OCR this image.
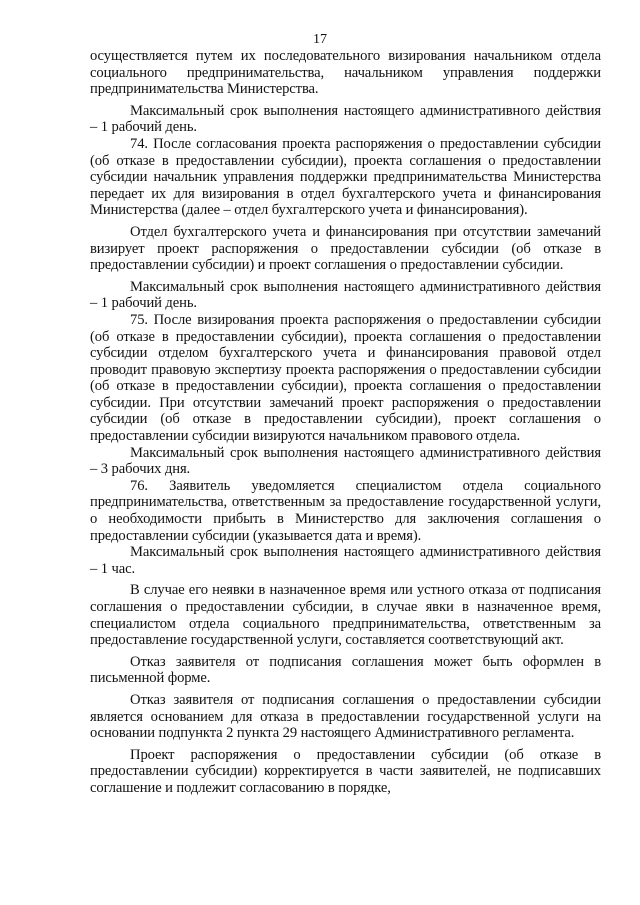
17

осуществляется путем их последовательного визирования начальником отдела социального предпринимательства, начальником управления поддержки предпринимательства Министерства.

Максимальный срок выполнения настоящего административного действия – 1 рабочий день.

74. После согласования проекта распоряжения о предоставлении субсидии (об отказе в предоставлении субсидии), проекта соглашения о предоставлении субсидии начальник управления поддержки предпринимательства Министерства передает их для визирования в отдел бухгалтерского учета и финансирования Министерства (далее – отдел бухгалтерского учета и финансирования).

Отдел бухгалтерского учета и финансирования при отсутствии замечаний визирует проект распоряжения о предоставлении субсидии (об отказе в предоставлении субсидии) и проект соглашения о предоставлении субсидии.

Максимальный срок выполнения настоящего административного действия – 1 рабочий день.

75. После визирования проекта распоряжения о предоставлении субсидии (об отказе в предоставлении субсидии), проекта соглашения о предоставлении субсидии отделом бухгалтерского учета и финансирования правовой отдел проводит правовую экспертизу проекта распоряжения о предоставлении субсидии (об отказе в предоставлении субсидии), проекта соглашения о предоставлении субсидии. При отсутствии замечаний проект распоряжения о предоставлении субсидии (об отказе в предоставлении субсидии), проект соглашения о предоставлении субсидии визируются начальником правового отдела.

Максимальный срок выполнения настоящего административного действия – 3 рабочих дня.

76. Заявитель уведомляется специалистом отдела социального предпринимательства, ответственным за предоставление государственной услуги, о необходимости прибыть в Министерство для заключения соглашения о предоставлении субсидии (указывается дата и время).

Максимальный срок выполнения настоящего административного действия – 1 час.

В случае его неявки в назначенное время или устного отказа от подписания соглашения о предоставлении субсидии, в случае явки в назначенное время, специалистом отдела социального предпринимательства, ответственным за предоставление государственной услуги, составляется соответствующий акт.

Отказ заявителя от подписания соглашения может быть оформлен в письменной форме.

Отказ заявителя от подписания соглашения о предоставлении субсидии является основанием для отказа в предоставлении государственной услуги на основании подпункта 2 пункта 29 настоящего Административного регламента.

Проект распоряжения о предоставлении субсидии (об отказе в предоставлении субсидии) корректируется в части заявителей, не подписавших соглашение и подлежит согласованию в порядке,
